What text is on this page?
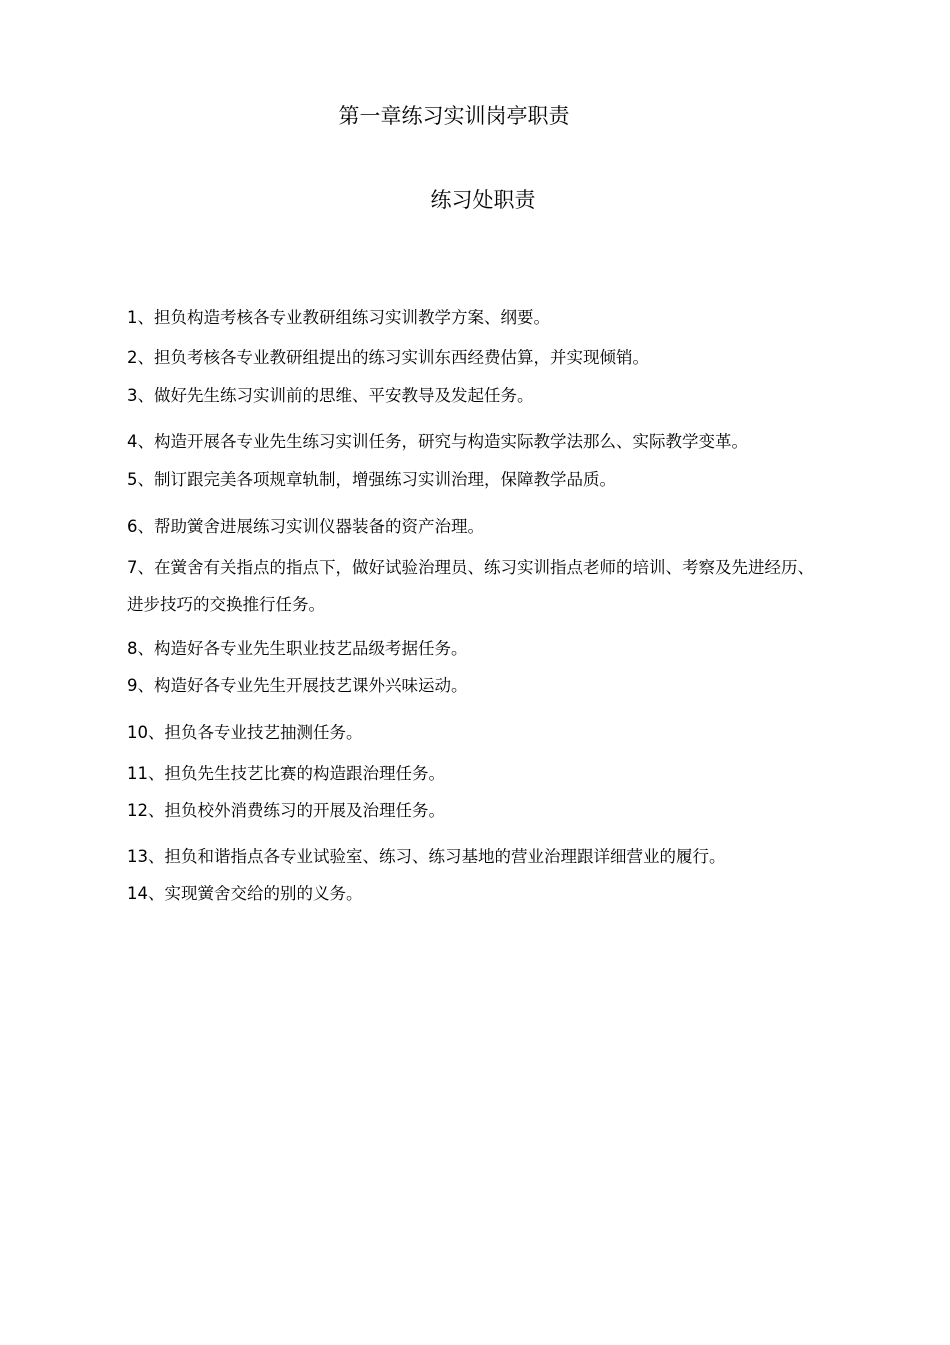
第一章练习实训岗亭职责
练习处职责
1、担负构造考核各专业教研组练习实训教学方案、纲要。
2、担负考核各专业教研组提出的练习实训东西经费估算，并实现倾销。
3、做好先生练习实训前的思维、平安教导及发起任务。
4、构造开展各专业先生练习实训任务，研究与构造实际教学法那么、实际教学变革。
5、制订跟完美各项规章轨制，增强练习实训治理，保障教学品质。
6、帮助黉舍进展练习实训仪器装备的资产治理。
7、在黉舍有关指点的指点下，做好试验治理员、练习实训指点老师的培训、考察及先进经历、进步技巧的交换推行任务。
8、构造好各专业先生职业技艺品级考据任务。
9、构造好各专业先生开展技艺课外兴味运动。
10、担负各专业技艺抽测任务。
11、担负先生技艺比赛的构造跟治理任务。
12、担负校外消费练习的开展及治理任务。
13、担负和谐指点各专业试验室、练习、练习基地的营业治理跟详细营业的履行。
14、实现黉舍交给的别的义务。
